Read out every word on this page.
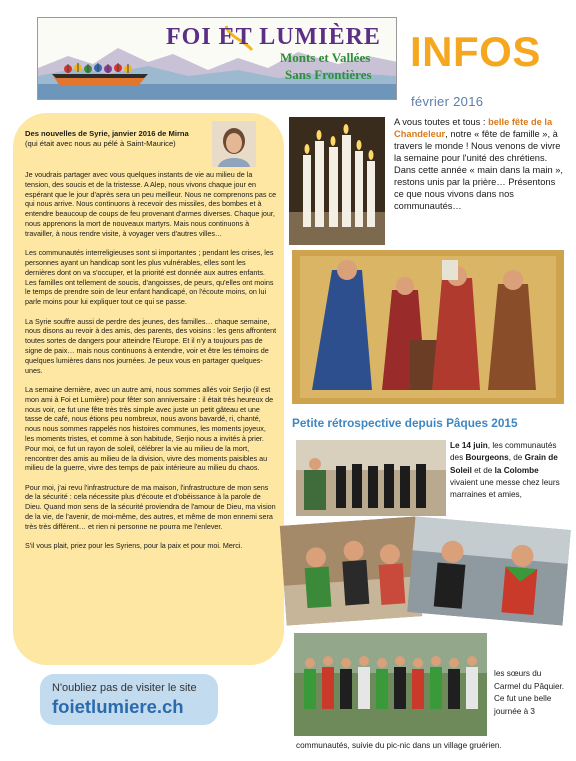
FOI ET LUMIÈRE
Monts et Vallées
Sans Frontières INFOS
février 2016
Des nouvelles de Syrie, janvier 2016 de Mirna (qui était avec nous au pélé à Saint-Maurice)

Je voudrais partager avec vous quelques instants de vie au milieu de la tension, des soucis et de la tristesse. A Alep, nous vivons chaque jour en espérant que le jour d'après sera un peu meilleur. Nous ne comprenons pas ce qui nous arrive. Nous continuons à recevoir des missiles, des bombes et à entendre beaucoup de coups de feu provenant d'armes diverses. Chaque jour, nous apprenons la mort de nouveaux martyrs. Mais nous continuons à travailler, à nous rendre visite, à voyager vers d'autres villes…

Les communautés interreligieuses sont si importantes ; pendant les crises, les personnes ayant un handicap sont les plus vulnérables, elles sont les dernières dont on va s'occuper, et la priorité est donnée aux autres enfants. Les familles ont tellement de soucis, d'angoisses, de peurs, qu'elles ont moins le temps de prendre soin de leur enfant handicapé, on l'écoute moins, on lui parle moins pour lui expliquer tout ce qui se passe.

La Syrie souffre aussi de perdre des jeunes, des familles… chaque semaine, nous disons au revoir à des amis, des parents, des voisins : les gens affrontent toutes sortes de dangers pour atteindre l'Europe. Et il n'y a toujours pas de signe de paix… mais nous continuons à entendre, voir et être les témoins de quelques lumières dans nos journées. Je peux vous en partager quelques-unes.

La semaine dernière, avec un autre ami, nous sommes allés voir Serjio (il est mon ami à Foi et Lumière) pour fêter son anniversaire : il était très heureux de nous voir, ce fut une fête très très simple avec juste un petit gâteau et une tasse de café, nous étions peu nombreux, nous avons bavardé, ri, chanté, nous nous sommes rappelés nos histoires communes, les moments joyeux, les moments tristes, et comme à son habitude, Serjio nous a invités à prier. Pour moi, ce fut un rayon de soleil, célébrer la vie au milieu de la mort, rencontrer des amis au milieu de la division, vivre des moments paisibles au milieu de la guerre, vivre des temps de paix intérieure au milieu du chaos.

Pour moi, j'ai revu l'infrastructure de ma maison, l'infrastructure de mon sens de la sécurité : cela nécessite plus d'écoute et d'obéissance à la parole de Dieu. Quand mon sens de la sécurité proviendra de l'amour de Dieu, ma vision de la vie, de l'avenir, de moi-même, des autres, et même de mon ennemi sera très très différent… et rien ni personne ne pourra me l'enlever.

S'il vous plait, priez pour les Syriens, pour la paix et pour moi. Merci.

N'oubliez pas de visiter le site
foietlumiere.ch
A vous toutes et tous : belle fête de la Chandeleur, notre « fête de famille », à travers le monde ! Nous venons de vivre la semaine pour l'unité des chrétiens. Dans cette année « main dans la main », restons unis par la prière… Présentons ce que nous vivons dans nos communautés…
Petite rétrospective depuis Pâques 2015
Le 14 juin, les communautés des Bourgeons, de Grain de Soleil et de la Colombe vivaient une messe chez leurs marraines et amies,
les sœurs du Carmel du Pâquier. Ce fut une belle journée à 3
communautés, suivie du pic-nic dans un village gruérien.
